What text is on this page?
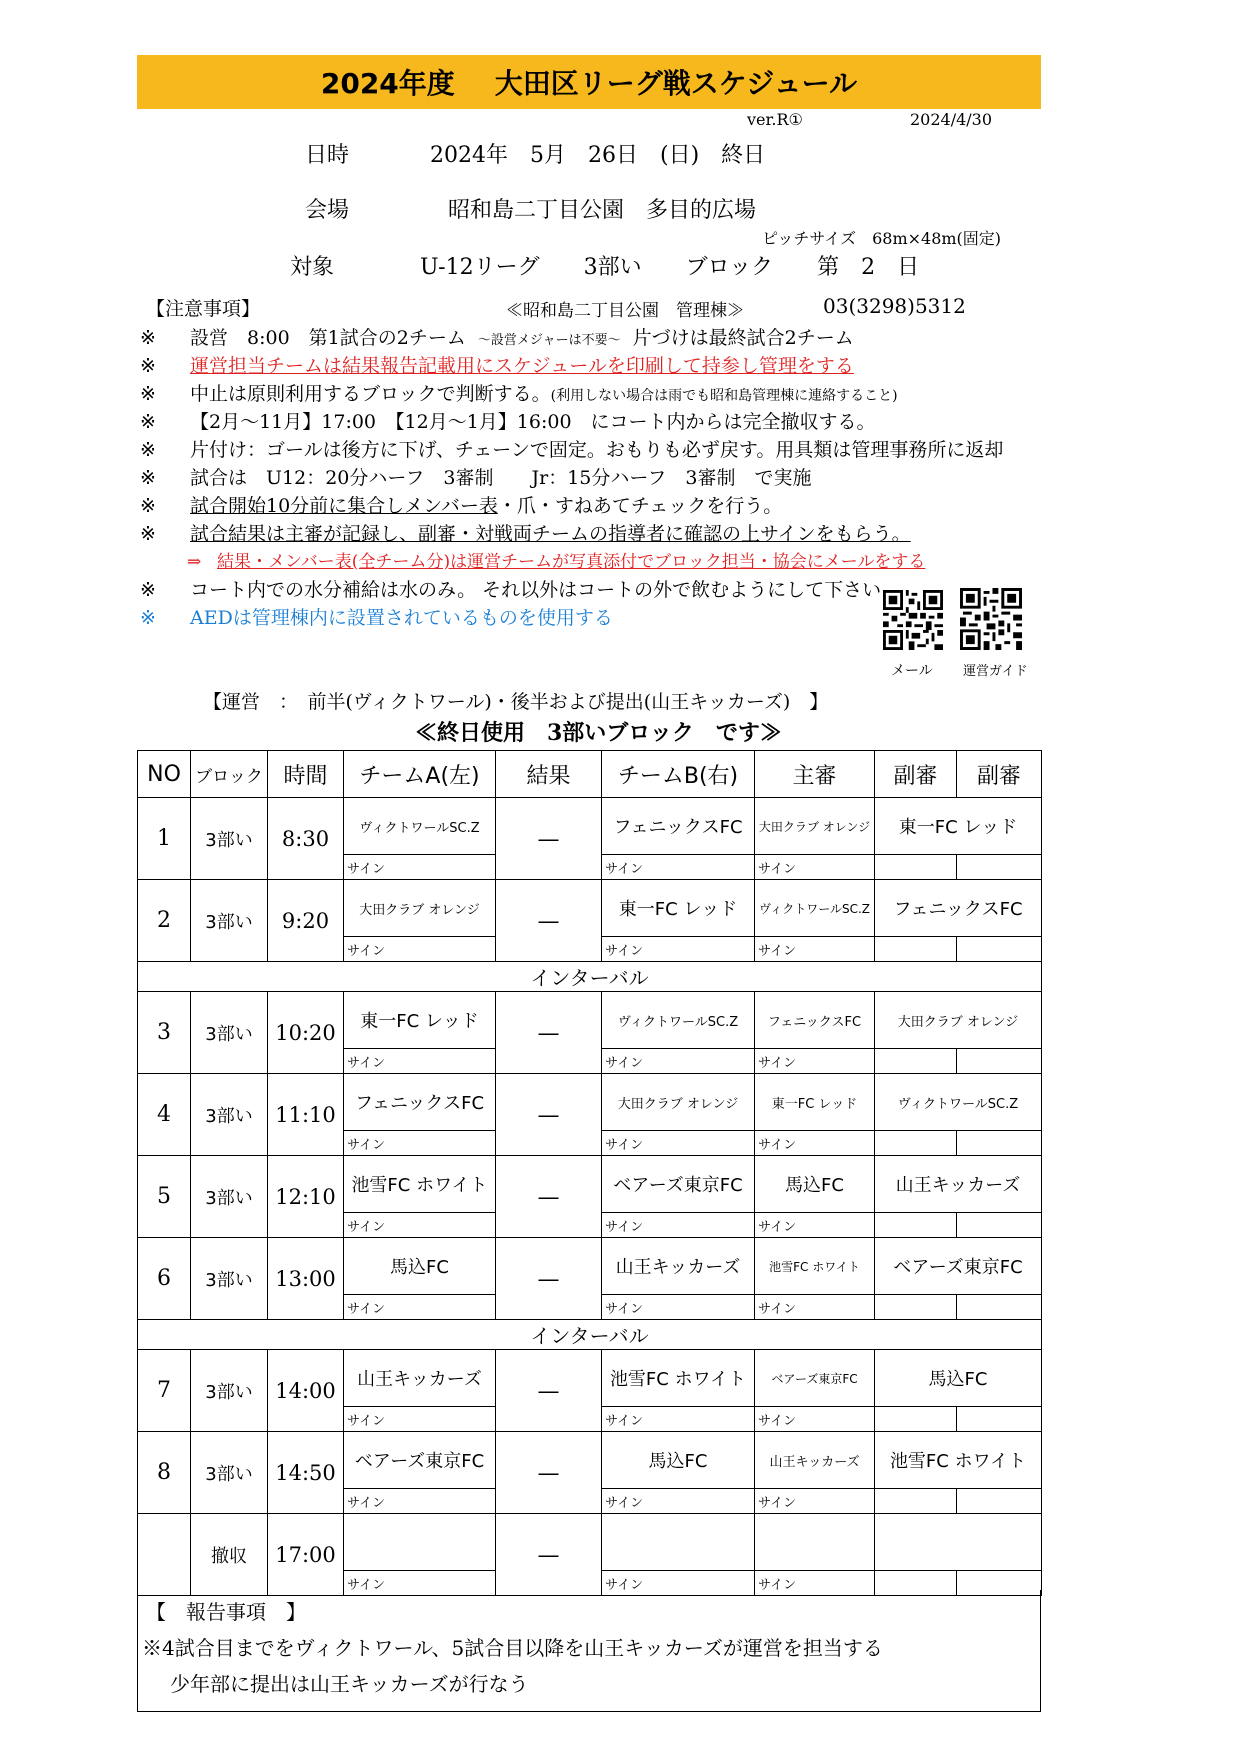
2024年度 大田区リーグ戦スケジュール
ver.R①	2024/4/30
日時	2024年　5月　26日　(日)　終日
会場	昭和島二丁目公園　多目的広場
ピッチサイズ　68m×48m(固定)
対象	U-12リーグ　　3部い　　ブロック　　第　2　日
【注意事項】	≪昭和島二丁目公園　管理棟≫	03(3298)5312
※ 設営　8:00　第1試合の2チーム ～設営メジャーは不要～ 片づけは最終試合2チーム
※ 運営担当チームは結果報告記載用にスケジュールを印刷して持参し管理をする
※ 中止は原則利用するブロックで判断する。(利用しない場合は雨でも昭和島管理棟に連絡すること)
※ 【2月～11月】17:00　【12月～1月】16:00　にコート内からは完全撤収する。
※ 片付け：ゴールは後方に下げ、チェーンで固定。おもりも必ず戻す。用具類は管理事務所に返却
※ 試合は　U12：20分ハーフ　3審制　　Jr：15分ハーフ　3審制　で実施
※ 試合開始10分前に集合しメンバー表・爪・すねあてチェックを行う。
※ 試合結果は主審が記録し、副審・対戦両チームの指導者に確認の上サインをもらう。
⇒ 結果・メンバー表(全チーム分)は運営チームが写真添付でブロック担当・協会にメールをする
※ コート内での水分補給は水のみ。 それ以外はコートの外で飲むようにして下さい
※ AEDは管理棟内に設置されているものを使用する
メール 運営ガイド
【運営　：　前半(ヴィクトワール)・後半および提出(山王キッカーズ)　】
≪終日使用　3部いブロック　です≫
NO	ブロック	時間	チームA(左)	結果	チームB(右)	主審	副審	副審
1	3部い	8:30	ヴィクトワールSC.Z	―	フェニックスFC	大田クラブ オレンジ	東一FC レッド	
			サイン		サイン	サイン		
2	3部い	9:20	大田クラブ オレンジ	―	東一FC レッド	ヴィクトワールSC.Z	フェニックスFC	
			サイン		サイン	サイン		
インターバル								
3	3部い	10:20	東一FC レッド	―	ヴィクトワールSC.Z	フェニックスFC	大田クラブ オレンジ	
			サイン		サイン	サイン		
4	3部い	11:10	フェニックスFC	―	大田クラブ オレンジ	東一FC レッド	ヴィクトワールSC.Z	
			サイン		サイン	サイン		
5	3部い	12:10	池雪FC ホワイト	―	ベアーズ東京FC	馬込FC	山王キッカーズ	
			サイン		サイン	サイン		
6	3部い	13:00	馬込FC	―	山王キッカーズ	池雪FC ホワイト	ベアーズ東京FC	
			サイン		サイン	サイン		
インターバル								
7	3部い	14:00	山王キッカーズ	―	池雪FC ホワイト	ベアーズ東京FC	馬込FC	
			サイン		サイン	サイン		
8	3部い	14:50	ベアーズ東京FC	―	馬込FC	山王キッカーズ	池雪FC ホワイト	
			サイン		サイン	サイン		
	撤収	17:00		―				
			サイン		サイン	サイン		
【　報告事項　】
※4試合目までをヴィクトワール、5試合目以降を山王キッカーズが運営を担当する
少年部に提出は山王キッカーズが行なう
